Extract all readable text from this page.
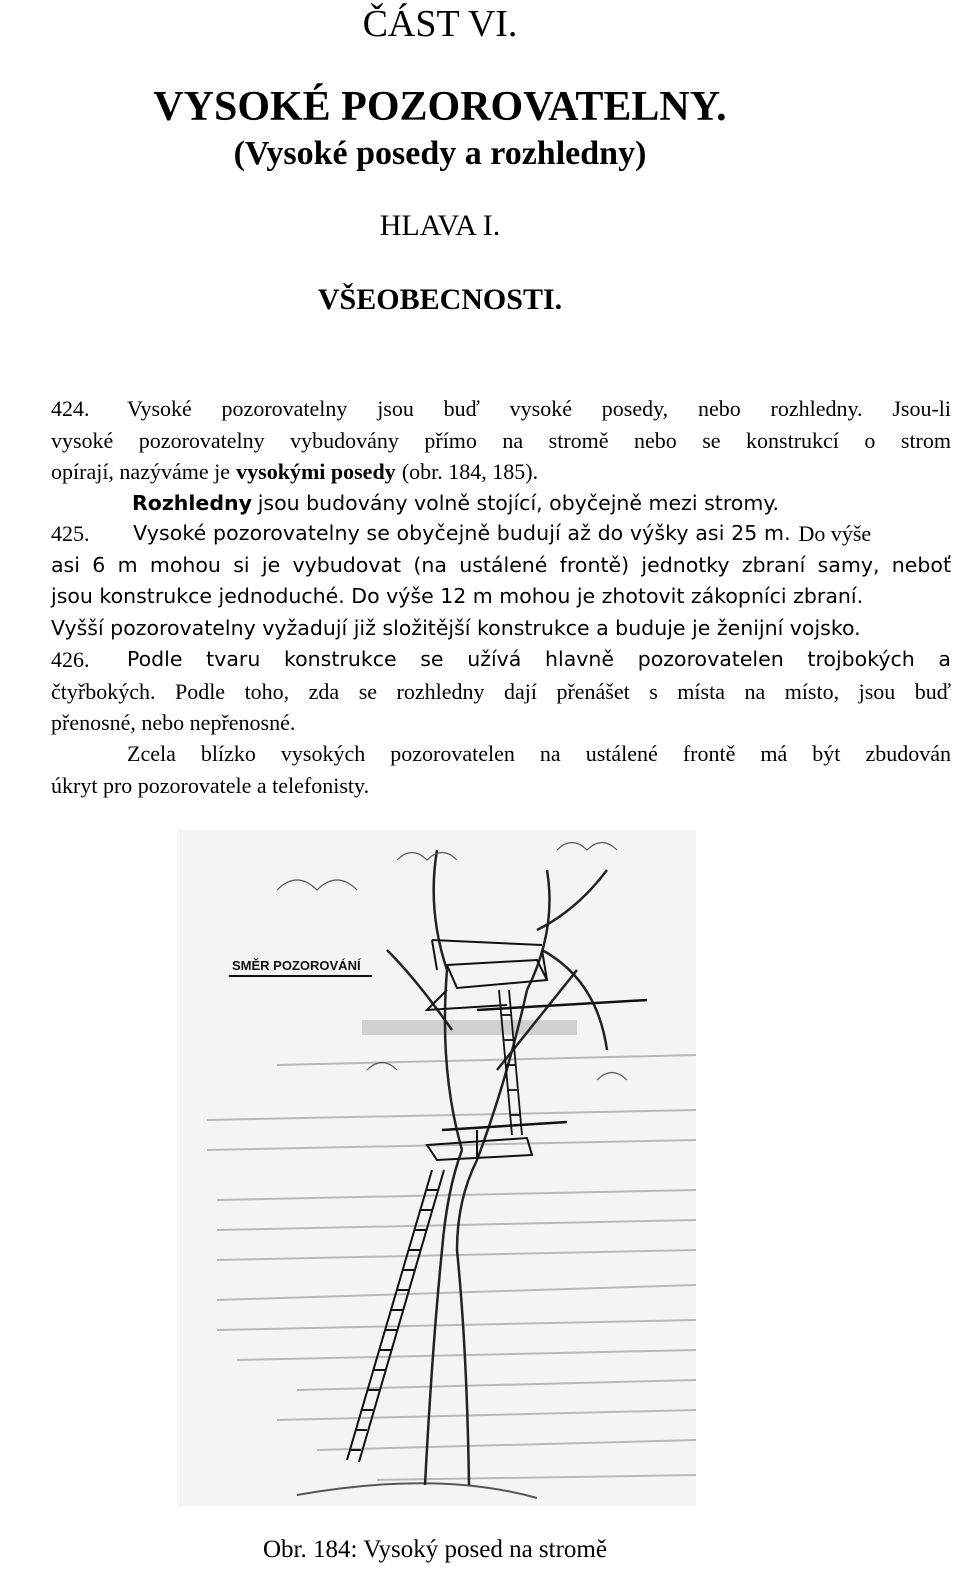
ČÁST VI.
VYSOKÉ POZOROVATELNY.
(Vysoké posedy a rozhledny)
HLAVA I.
VŠEOBECNOSTI.
424.	Vysoké pozorovatelny jsou buď vysoké posedy, nebo rozhledny. Jsou-li
vysoké pozorovatelny vybudovány přímo na stromě nebo se konstrukcí o strom
opírají, nazýváme je vysokými posedy (obr. 184, 185).
Rozhledny jsou budovány volně stojící, obyčejně mezi stromy.
425.	Vysoké pozorovatelny se obyčejně budují až do výšky asi 25 m. Do výše
asi 6 m mohou si je vybudovat (na ustálené frontě) jednotky zbraní samy, neboť
jsou konstrukce jednoduché. Do výše 12 m mohou je zhotovit zákopníci zbraní.
Vyšší pozorovatelny vyžadují již složitější konstrukce a buduje je ženijní vojsko.
426.	Podle tvaru konstrukce se užívá hlavně pozorovatelen trojbokých a
čtyřbokých. Podle toho, zda se rozhledny dají přenášet s místa na místo, jsou buď
přenosné, nebo nepřenosné.
Zcela blízko vysokých pozorovatelen na ustálené frontě má být zbudován
úkryt pro pozorovatele a telefonisty.
SMĚR POZOROVÁNÍ
Obr. 184: Vysoký posed na stromě
